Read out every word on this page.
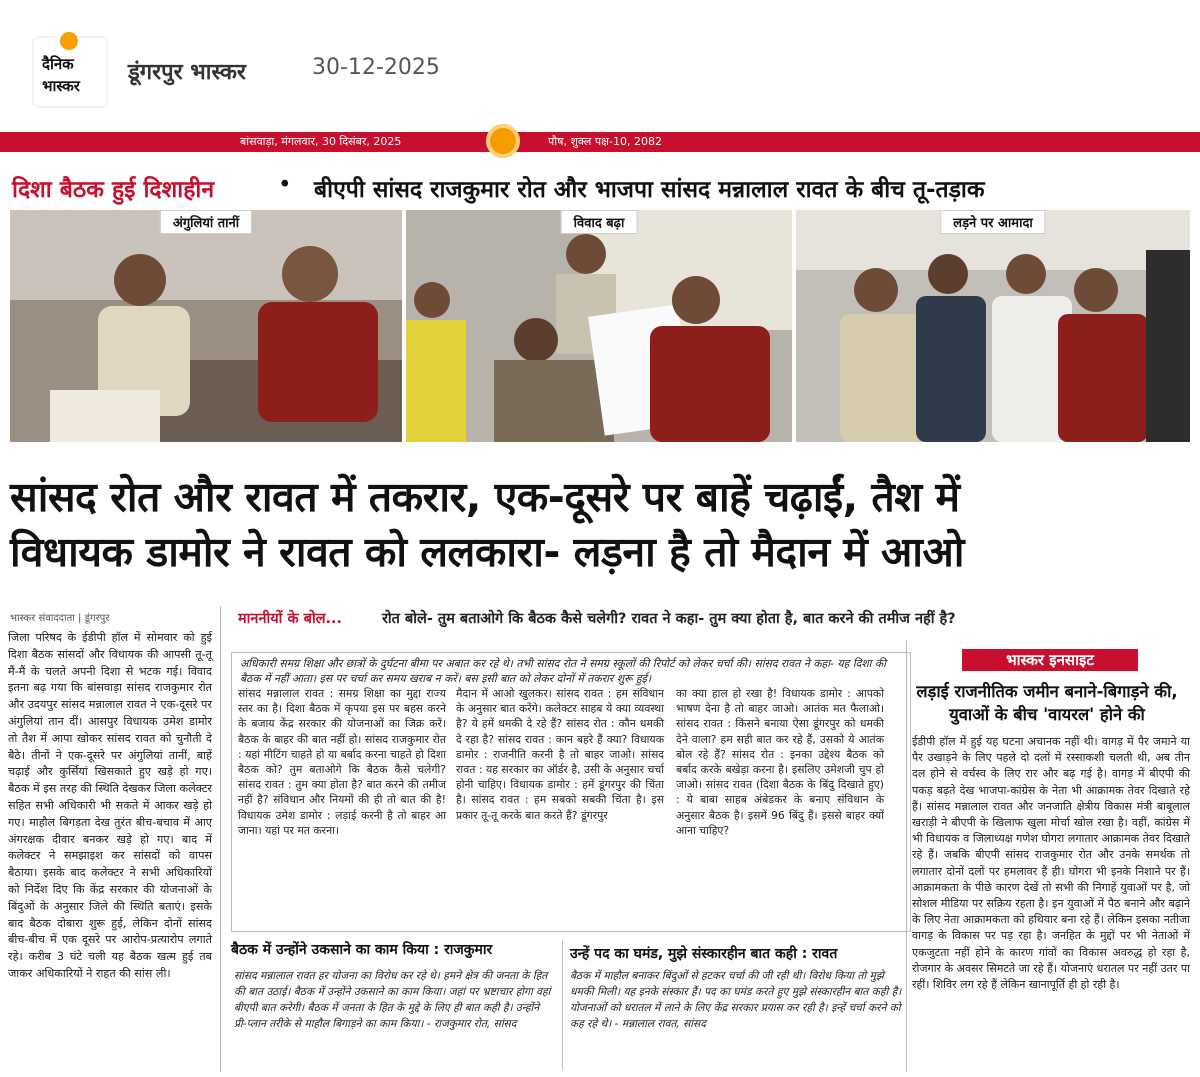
दैनिक
भास्कर
डूंगरपुर भास्कर	30-12-2025
बांसवाड़ा, मंगलवार, 30 दिसंबर, 2025	पौष, शुक्ल पक्ष-10, 2082
दिशा बैठक हुई दिशाहीन	• बीएपी सांसद राजकुमार रोत और भाजपा सांसद मन्नालाल रावत के बीच तू-तड़ाक
अंगुलियां तानीं	विवाद बढ़ा	लड़ने पर आमादा
सांसद रोत और रावत में तकरार, एक-दूसरे पर बाहें चढ़ाईं, तैश में
विधायक डामोर ने रावत को ललकारा- लड़ना है तो मैदान में आओ
भास्कर संवाददाता | डूंगरपुर
जिला परिषद के ईडीपी हॉल में सोमवार को हुई दिशा बैठक सांसदों और विधायक की आपसी तू-तू मैं-मैं के चलते अपनी दिशा से भटक गई। विवाद इतना बढ़ गया कि बांसवाड़ा सांसद राजकुमार रोत और उदयपुर सांसद मन्नालाल रावत ने एक-दूसरे पर अंगुलियां तान दीं। आसपुर विधायक उमेश डामोर तो तैश में आपा खोकर सांसद रावत को चुनौती दे बैठे। तीनों ने एक-दूसरे पर अंगुलियां तानीं, बाहें चढ़ाई और कुर्सियां खिसकाते हुए खड़े हो गए। बैठक में इस तरह की स्थिति देखकर जिला कलेक्टर सहित सभी अधिकारी भी सकते में आकर खड़े हो गए। माहौल बिगड़ता देख तुरंत बीच-बचाव में आए अंगरक्षक दीवार बनकर खड़े हो गए। बाद में कलेक्टर ने समझाइश कर सांसदों को वापस बैठाया। इसके बाद कलेक्टर ने सभी अधिकारियों को निर्देश दिए कि केंद्र सरकार की योजनाओं के बिंदुओं के अनुसार जिले की स्थिति बताएं। इसके बाद बैठक दोबारा शुरू हुई, लेकिन दोनों सांसद बीच-बीच में एक दूसरे पर आरोप-प्रत्यारोप लगाते रहे। करीब 3 घंटे चली यह बैठक खत्म हुई तब जाकर अधिकारियों ने राहत की सांस ली।
माननीयों के बोल...	रोत बोले- तुम बताओगे कि बैठक कैसे चलेगी? रावत ने कहा- तुम क्या होता है, बात करने की तमीज नहीं है?
अधिकारी समग्र शिक्षा और छात्रों के दुर्घटना बीमा पर अबात कर रहे थे। तभी सांसद रोत ने समग्र स्कूलों की रिपोर्ट को लेकर चर्चा की। सांसद रावत ने कहा- यह दिशा की बैठक में नहीं आता। इस पर चर्चा कर समय खराब न करें। बस इसी बात को लेकर दोनों में तकरार शुरू हुई।
सांसद मन्नालाल रावत : समग्र शिक्षा का मुद्दा राज्य स्तर का है। दिशा बैठक में कृपया इस पर बहस करने के बजाय केंद्र सरकार की योजनाओं का जिक्र करें। बैठक के बाहर की बात नहीं हो। सांसद राजकुमार रोत : यहां मीटिंग चाहते हो या बर्बाद करना चाहते हो दिशा बैठक को? तुम बताओगे कि बैठक कैसे चलेगी? सांसद रावत : तुम क्या होता है? बात करने की तमीज नहीं है? संविधान और नियमों की ही तो बात की है! विधायक उमेश डामोर : लड़ाई करनी है तो बाहर आ जाना। यहां पर मत करना।
मैदान में आओ खुलकर। सांसद रावत : हम संविधान के अनुसार बात करेंगे। कलेक्टर साहब ये क्या व्यवस्था है? ये हमें धमकी दे रहे हैं? सांसद रोत : कौन धमकी दे रहा है? सांसद रावत : कान बहरे हैं क्या? विधायक डामोर : राजनीति करनी है तो बाहर जाओ। सांसद रावत : यह सरकार का ऑर्डर है, उसी के अनुसार चर्चा होनी चाहिए। विधायक डामोर : हमें डूंगरपुर की चिंता है। सांसद रावत : हम सबको सबकी चिंता है। इस प्रकार तू-तू करके बात करते हैं? डूंगरपुर
का क्या हाल हो रखा है! विधायक डामोर : आपको भाषण देना है तो बाहर जाओ। आतंक मत फैलाओ। सांसद रावत : किसने बनाया ऐसा डूंगरपुर को धमकी देने वाला? हम सही बात कर रहे हैं, उसको ये आतंक बोल रहे हैं? सांसद रोत : इनका उद्देश्य बैठक को बर्बाद करके बखेड़ा करना है। इसलिए उमेशजी चुप हो जाओ। सांसद रावत (दिशा बैठक के बिंदु दिखाते हुए) : ये बाबा साहब अंबेडकर के बनाए संविधान के अनुसार बैठक है। इसमें 96 बिंदु हैं। इससे बाहर क्यों आना चाहिए?
बैठक में उन्होंने उकसाने का काम किया : राजकुमार
सांसद मन्नालाल रावत हर योजना का विरोध कर रहे थे। हमने क्षेत्र की जनता के हित की बात उठाई। बैठक में उन्होंने उकसाने का काम किया। जहां पर भ्रष्टाचार होगा वहां बीएपी बात करेगी। बैठक में जनता के हित के मुद्दे के लिए ही बात कही है। उन्होंने प्री-प्लान तरीके से माहौल बिगाड़ने का काम किया। - राजकुमार रोत, सांसद
उन्हें पद का घमंड, मुझे संस्कारहीन बात कही : रावत
बैठक में माहौल बनाकर बिंदुओं से हटकर चर्चा की जी रही थी। विरोध किया तो मुझे धमकी मिली। यह इनके संस्कार हैं। पद का घमंड करते हुए मुझे संस्कारहीन बात कही है। योजनाओं को धरातल में लाने के लिए केंद्र सरकार प्रयास कर रही है। इन्हें चर्चा करने को कह रहे थे। - मन्नालाल रावत, सांसद
भास्कर इनसाइट
लड़ाई राजनीतिक जमीन बनाने-बिगाड़ने की, युवाओं के बीच 'वायरल' होने की
ईडीपी हॉल में हुई यह घटना अचानक नहीं थी। वागड़ में पैर जमाने या पैर उखाड़ने के लिए पहले दो दलों में रस्साकशी चलती थी, अब तीन दल होने से वर्चस्व के लिए रार और बढ़ गई है। वागड़ में बीएपी की पकड़ बढ़ते देख भाजपा-कांग्रेस के नेता भी आक्रामक तेवर दिखाते रहे हैं। सांसद मन्नालाल रावत और जनजाति क्षेत्रीय विकास मंत्री बाबूलाल खराड़ी ने बीएपी के खिलाफ खुला मोर्चा खोल रखा है। वहीं, कांग्रेस में भी विधायक व जिलाध्यक्ष गणेश घोगरा लगातार आक्रामक तेवर दिखाते रहे हैं। जबकि बीएपी सांसद राजकुमार रोत और उनके समर्थक तो लगातार दोनों दलों पर हमलावर हैं ही। घोगरा भी इनके निशाने पर हैं। आक्रामकता के पीछे कारण देखें तो सभी की निगाहें युवाओं पर है, जो सोशल मीडिया पर सक्रिय रहता है। इन युवाओं में पैठ बनाने और बढ़ाने के लिए नेता आक्रामकता को हथियार बना रहे हैं। लेकिन इसका नतीजा वागड़ के विकास पर पड़ रहा है। जनहित के मुद्दों पर भी नेताओं में एकजुटता नहीं होने के कारण गांवों का विकास अवरुद्ध हो रहा है, रोजगार के अवसर सिमटते जा रहे हैं। योजनाएं धरातल पर नहीं उतर पा रहीं। शिविर लग रहे हैं लेकिन खानापूर्ति ही हो रही है।
